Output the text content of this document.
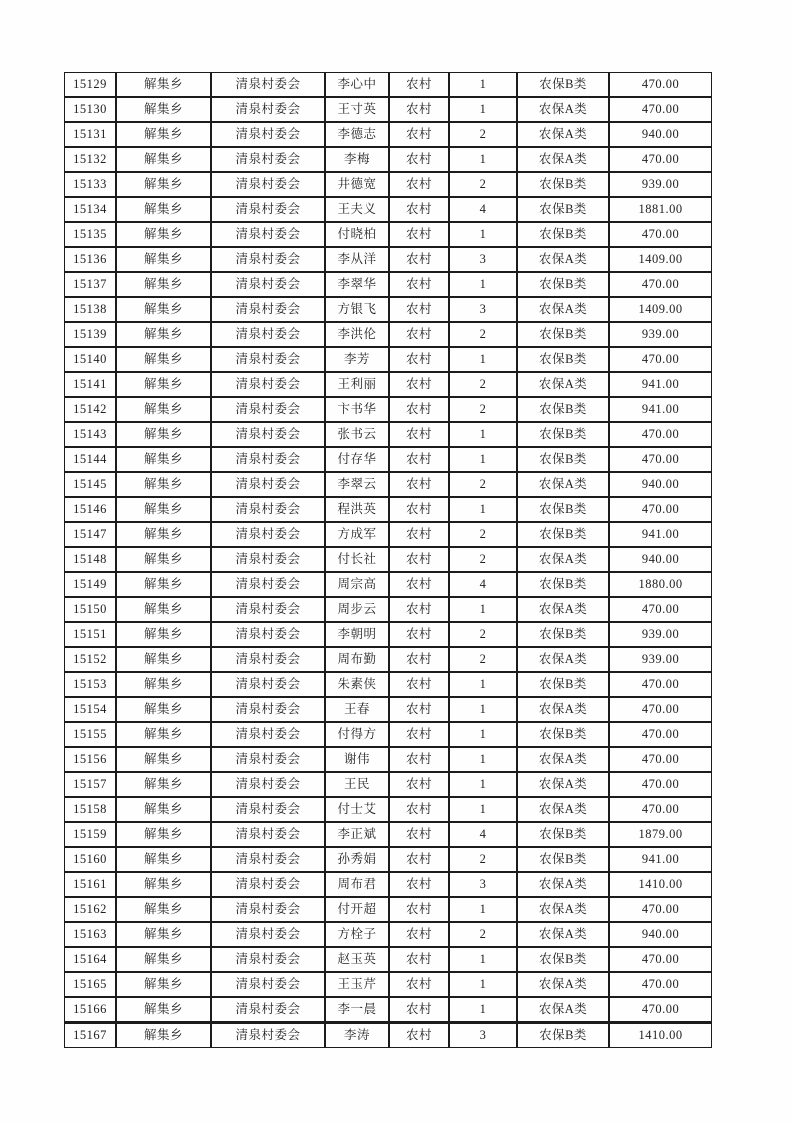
15129	解集乡	清泉村委会	李心中	农村	1	农保B类	470.00
15130	解集乡	清泉村委会	王寸英	农村	1	农保A类	470.00
15131	解集乡	清泉村委会	李德志	农村	2	农保A类	940.00
15132	解集乡	清泉村委会	李梅	农村	1	农保A类	470.00
15133	解集乡	清泉村委会	井德宽	农村	2	农保B类	939.00
15134	解集乡	清泉村委会	王夫义	农村	4	农保B类	1881.00
15135	解集乡	清泉村委会	付晓柏	农村	1	农保B类	470.00
15136	解集乡	清泉村委会	李从洋	农村	3	农保A类	1409.00
15137	解集乡	清泉村委会	李翠华	农村	1	农保B类	470.00
15138	解集乡	清泉村委会	方银飞	农村	3	农保A类	1409.00
15139	解集乡	清泉村委会	李洪伦	农村	2	农保B类	939.00
15140	解集乡	清泉村委会	李芳	农村	1	农保B类	470.00
15141	解集乡	清泉村委会	王利丽	农村	2	农保A类	941.00
15142	解集乡	清泉村委会	卞书华	农村	2	农保B类	941.00
15143	解集乡	清泉村委会	张书云	农村	1	农保B类	470.00
15144	解集乡	清泉村委会	付存华	农村	1	农保B类	470.00
15145	解集乡	清泉村委会	李翠云	农村	2	农保A类	940.00
15146	解集乡	清泉村委会	程洪英	农村	1	农保B类	470.00
15147	解集乡	清泉村委会	方成军	农村	2	农保B类	941.00
15148	解集乡	清泉村委会	付长社	农村	2	农保A类	940.00
15149	解集乡	清泉村委会	周宗高	农村	4	农保B类	1880.00
15150	解集乡	清泉村委会	周步云	农村	1	农保A类	470.00
15151	解集乡	清泉村委会	李朝明	农村	2	农保B类	939.00
15152	解集乡	清泉村委会	周布勤	农村	2	农保A类	939.00
15153	解集乡	清泉村委会	朱素侠	农村	1	农保B类	470.00
15154	解集乡	清泉村委会	王春	农村	1	农保A类	470.00
15155	解集乡	清泉村委会	付得方	农村	1	农保B类	470.00
15156	解集乡	清泉村委会	谢伟	农村	1	农保A类	470.00
15157	解集乡	清泉村委会	王民	农村	1	农保A类	470.00
15158	解集乡	清泉村委会	付士艾	农村	1	农保A类	470.00
15159	解集乡	清泉村委会	李正斌	农村	4	农保B类	1879.00
15160	解集乡	清泉村委会	孙秀娟	农村	2	农保B类	941.00
15161	解集乡	清泉村委会	周布君	农村	3	农保A类	1410.00
15162	解集乡	清泉村委会	付开超	农村	1	农保A类	470.00
15163	解集乡	清泉村委会	方栓子	农村	2	农保A类	940.00
15164	解集乡	清泉村委会	赵玉英	农村	1	农保B类	470.00
15165	解集乡	清泉村委会	王玉芹	农村	1	农保A类	470.00
15166	解集乡	清泉村委会	李一晨	农村	1	农保A类	470.00
15167	解集乡	清泉村委会	李涛	农村	3	农保B类	1410.00
